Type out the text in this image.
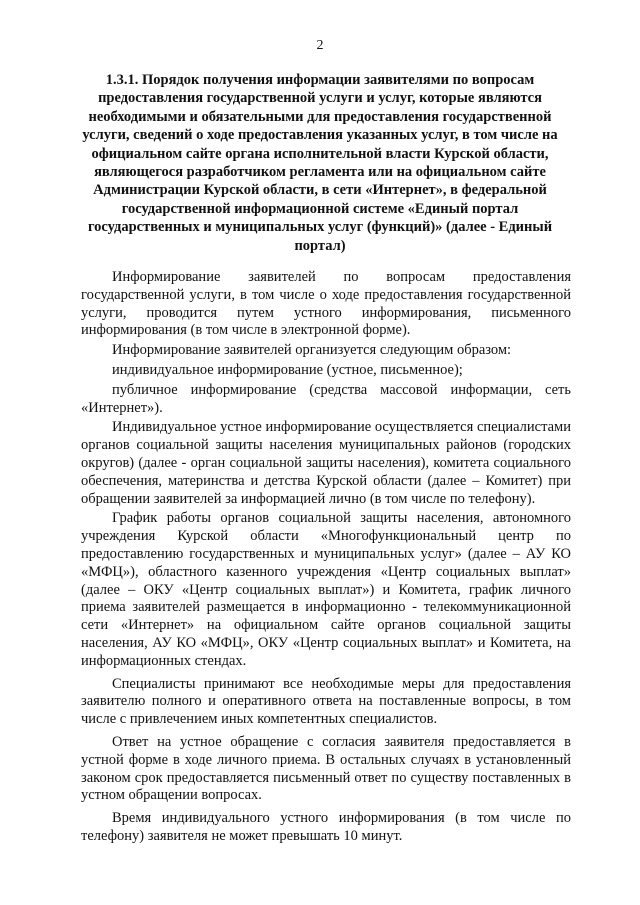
2
1.3.1. Порядок получения информации заявителями по вопросам предоставления государственной услуги и услуг, которые являются необходимыми и обязательными для предоставления государственной услуги, сведений о ходе предоставления указанных услуг, в том числе на официальном сайте органа исполнительной власти Курской области, являющегося разработчиком регламента или на официальном сайте Администрации Курской области, в сети «Интернет», в федеральной государственной информационной системе «Единый портал государственных и муниципальных услуг (функций)» (далее - Единый портал)

Информирование заявителей по вопросам предоставления государственной услуги, в том числе о ходе предоставления государственной услуги, проводится путем устного информирования, письменного информирования (в том числе в электронной форме).

Информирование заявителей организуется следующим образом:

индивидуальное информирование (устное, письменное);

публичное информирование (средства массовой информации, сеть «Интернет»).

Индивидуальное устное информирование осуществляется специалистами органов социальной защиты населения муниципальных районов (городских округов) (далее - орган социальной защиты населения), комитета социального обеспечения, материнства и детства Курской области (далее – Комитет) при обращении заявителей за информацией лично (в том числе по телефону).

График работы органов социальной защиты населения, автономного учреждения Курской области «Многофункциональный центр по предоставлению государственных и муниципальных услуг» (далее – АУ КО «МФЦ»), областного казенного учреждения «Центр социальных выплат» (далее – ОКУ «Центр социальных выплат») и Комитета, график личного приема заявителей размещается в информационно - телекоммуникационной сети «Интернет» на официальном сайте органов социальной защиты населения, АУ КО «МФЦ», ОКУ «Центр социальных выплат» и Комитета, на информационных стендах.

Специалисты принимают все необходимые меры для предоставления заявителю полного и оперативного ответа на поставленные вопросы, в том числе с привлечением иных компетентных специалистов.

Ответ на устное обращение с согласия заявителя предоставляется в устной форме в ходе личного приема. В остальных случаях в установленный законом срок предоставляется письменный ответ по существу поставленных в устном обращении вопросах.

Время индивидуального устного информирования (в том числе по телефону) заявителя не может превышать 10 минут.
